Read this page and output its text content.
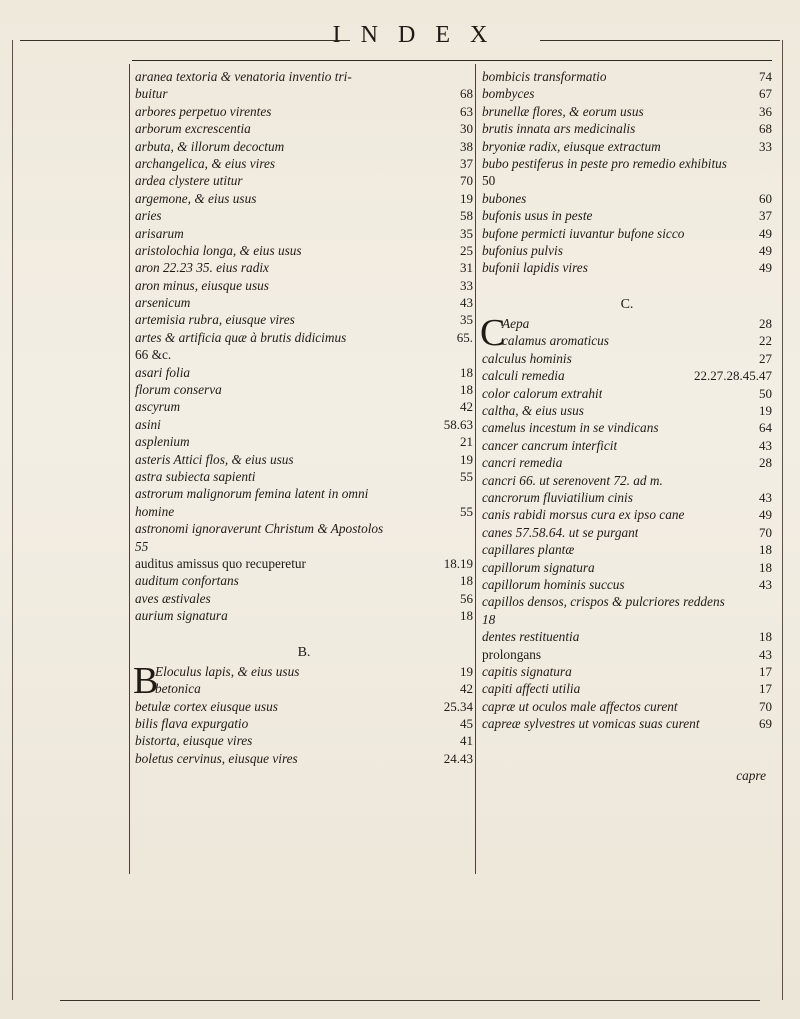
INDEX
aranea textoria & venatoria inventio tri-
buitur	68
arbores perpetuo virentes	63
arborum excrescentia	30
arbuta, & illorum decoctum	38
archangelica, & eius vires	37
ardea clystere utitur	70
argemone, & eius usus	19
aries	58
arisarum	35
aristolochia longa, & eius usus	25
aron 22.23 35. eius radix	31
aron minus, eiusque usus	33
arsenicum	43
artemisia rubra, eiusque vires	35
artes & artificia quæ à brutis didicimus	65.
66 &c.
asari folia	18
florum conserva	18
ascyrum	42
asini	58.63
asplenium	21
asteris Attici flos, & eius usus	19
astra subiecta sapienti	55
astrorum malignorum femina latent in omni
homine	55
astronomi ignoraverunt Christum & Apostolos
55
auditus amissus quo recuperetur	18.19
auditum confortans	18
aves æstivales	56
aurium signatura	18
B.
B
Eloculus lapis, & eius usus	19
betonica	42
betulæ cortex eiusque usus	25.34
bilis flava expurgatio	45
bistorta, eiusque vires	41
boletus cervinus, eiusque vires	24.43
bombicis transformatio	74
bombyces	67
brunellæ flores, & eorum usus	36
brutis innata ars medicinalis	68
bryoniæ radix, eiusque extractum	33
bubo pestiferus in peste pro remedio exhibitus
50
bubones	60
bufonis usus in peste	37
bufone permicti iuvantur bufone sicco	49
bufonius pulvis	49
bufonii lapidis vires	49
C.
C
Aepa	28
calamus aromaticus	22
calculus hominis	27
calculi remedia	22.27.28.45.47
color calorum extrahit	50
caltha, & eius usus	19
camelus incestum in se vindicans	64
cancer cancrum interficit	43
cancri remedia	28
cancri 66. ut serenovent 72. ad m.
cancrorum fluviatilium cinis	43
canis rabidi morsus cura ex ipso cane	49
canes 57.58.64. ut se purgant	70
capillares plantæ	18
capillorum signatura	18
capillorum hominis succus	43
capillos densos, crispos & pulcriores reddens
18
dentes restituentia	18
prolongans	43
capitis signatura	17
capiti affecti utilia	17
capræ ut oculos male affectos curent	70
capreæ sylvestres ut vomicas suas curent	69
capre
